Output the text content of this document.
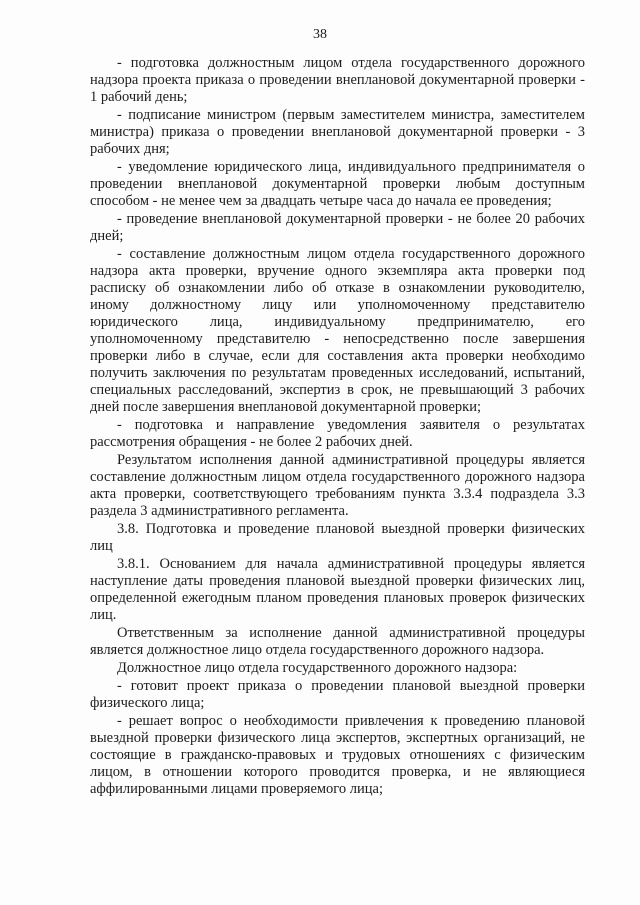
38

- подготовка должностным лицом отдела государственного дорожного надзора проекта приказа о проведении внеплановой документарной проверки - 1 рабочий день;

- подписание министром (первым заместителем министра, заместителем министра) приказа о проведении внеплановой документарной проверки - 3 рабочих дня;

- уведомление юридического лица, индивидуального предпринимателя о проведении внеплановой документарной проверки любым доступным способом - не менее чем за двадцать четыре часа до начала ее проведения;

- проведение внеплановой документарной проверки - не более 20 рабочих дней;

- составление должностным лицом отдела государственного дорожного надзора акта проверки, вручение одного экземпляра акта проверки под расписку об ознакомлении либо об отказе в ознакомлении руководителю, иному должностному лицу или уполномоченному представителю юридического лица, индивидуальному предпринимателю, его уполномоченному представителю - непосредственно после завершения проверки либо в случае, если для составления акта проверки необходимо получить заключения по результатам проведенных исследований, испытаний, специальных расследований, экспертиз в срок, не превышающий 3 рабочих дней после завершения внеплановой документарной проверки;

- подготовка и направление уведомления заявителя о результатах рассмотрения обращения - не более 2 рабочих дней.

Результатом исполнения данной административной процедуры является составление должностным лицом отдела государственного дорожного надзора акта проверки, соответствующего требованиям пункта 3.3.4 подраздела 3.3 раздела 3 административного регламента.

3.8. Подготовка и проведение плановой выездной проверки физических лиц

3.8.1. Основанием для начала административной процедуры является наступление даты проведения плановой выездной проверки физических лиц, определенной ежегодным планом проведения плановых проверок физических лиц.

Ответственным за исполнение данной административной процедуры является должностное лицо отдела государственного дорожного надзора.

Должностное лицо отдела государственного дорожного надзора:

- готовит проект приказа о проведении плановой выездной проверки физического лица;

- решает вопрос о необходимости привлечения к проведению плановой выездной проверки физического лица экспертов, экспертных организаций, не состоящие в гражданско-правовых и трудовых отношениях с физическим лицом, в отношении которого проводится проверка, и не являющиеся аффилированными лицами проверяемого лица;
